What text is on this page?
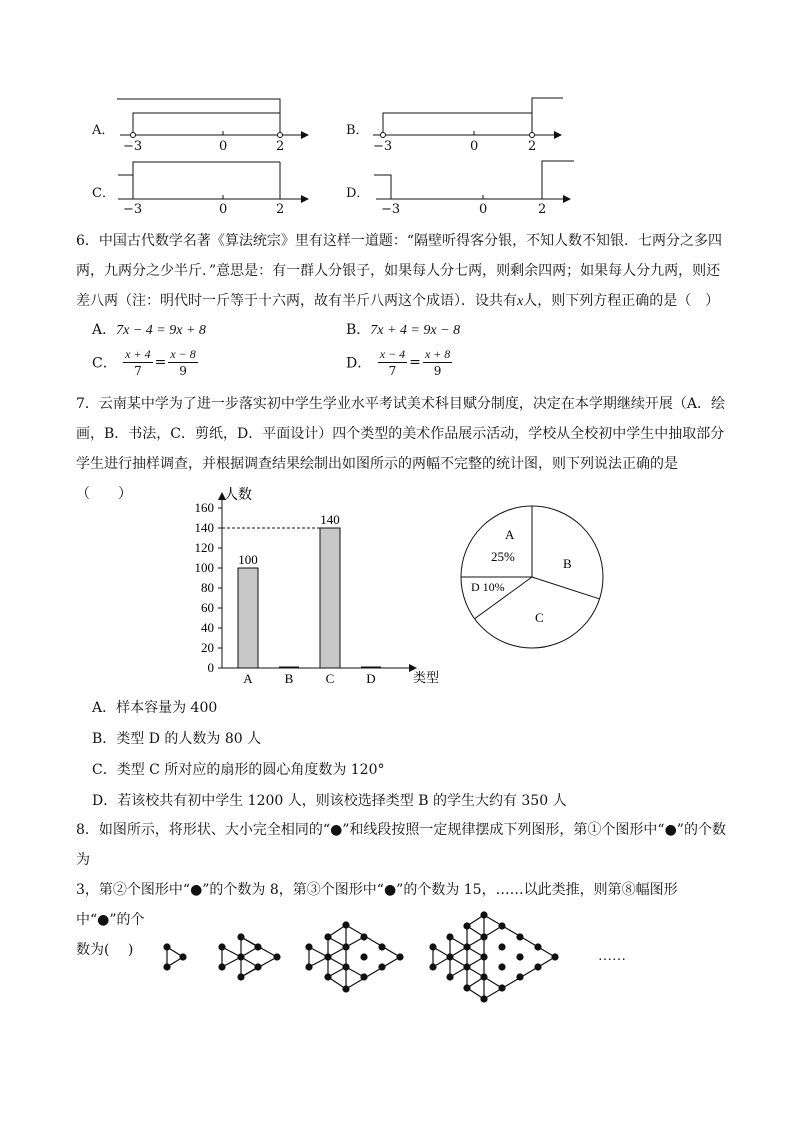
A．	B．
C．	D．
−3	0	2	−3	0	2
−3	0	2	−3	0	2
6．中国古代数学名著《算法统宗》里有这样一道题：“隔壁听得客分银，不知人数不知银．七两分之多四
两，九两分之少半斤．”意思是：有一群人分银子，如果每人分七两，则剩余四两；如果每人分九两，则还
差八两（注：明代时一斤等于十六两，故有半斤八两这个成语）．设共有x人，则下列方程正确的是（　）
A．7x − 4 = 9x + 8	B．7x + 4 = 9x − 8
C． $\frac{x + 4}{7} = \frac{x - 8}{9}$	D． $\frac{x - 4}{7} = \frac{x + 8}{9}$
7．云南某中学为了进一步落实初中学生学业水平考试美术科目赋分制度，决定在本学期继续开展（A．绘
画，B．书法，C．剪纸，D．平面设计）四个类型的美术作品展示活动，学校从全校初中学生中抽取部分
学生进行抽样调查，并根据调查结果绘制出如图所示的两幅不完整的统计图，则下列说法正确的是（　　）	人数
类型
0
20
40
60
80
100
120
140
160
100
A B
140
C D
A
25%	B
C
D 10%
A．样本容量为 400
B．类型 D 的人数为 80 人
C．类型 C 所对应的扇形的圆心角度数为 120°
D．若该校共有初中学生 1200 人，则该校选择类型 B 的学生大约有 350 人
8．如图所示，将形状、大小完全相同的“●”和线段按照一定规律摆成下列图形，第①个图形中“●”的个数为
3，第②个图形中“●”的个数为 8，第③个图形中“●”的个数为 15，……以此类推，则第⑧幅图形中“●”的个
数为(　 )	……
